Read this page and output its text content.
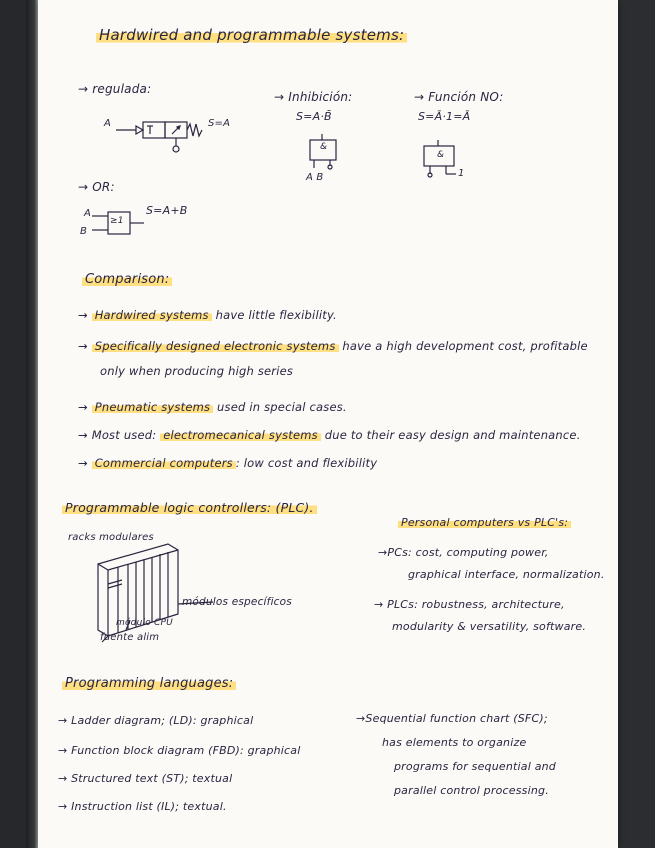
Hardwired and programmable systems:
→ regulada:
A	S=A
→ Inhibición:
S=A·B̄
&
A B
→ Función NO:
S=Ā·1=Ā
&
1
→ OR:
S=A+B
A
B
≥1
Comparison:
→ Hardwired systems have little flexibility.
→ Specifically designed electronic systems have a high development cost, profitable
only when producing high series
→ Pneumatic systems used in special cases.
→ Most used: electromecanical systems due to their easy design and maintenance.
→ Commercial computers : low cost and flexibility
Programmable logic controllers: (PLC).
racks modulares
módulos específicos
módulo CPU
fuente alim
Personal computers vs PLC's:
→PCs: cost, computing power,
graphical interface, normalization.
→ PLCs: robustness, architecture,
modularity & versatility, software.
Programming languages:
→ Ladder diagram; (LD): graphical
→ Function block diagram (FBD): graphical
→ Structured text (ST); textual
→ Instruction list (IL); textual.
→Sequential function chart (SFC);
has elements to organize
programs for sequential and
parallel control processing.
